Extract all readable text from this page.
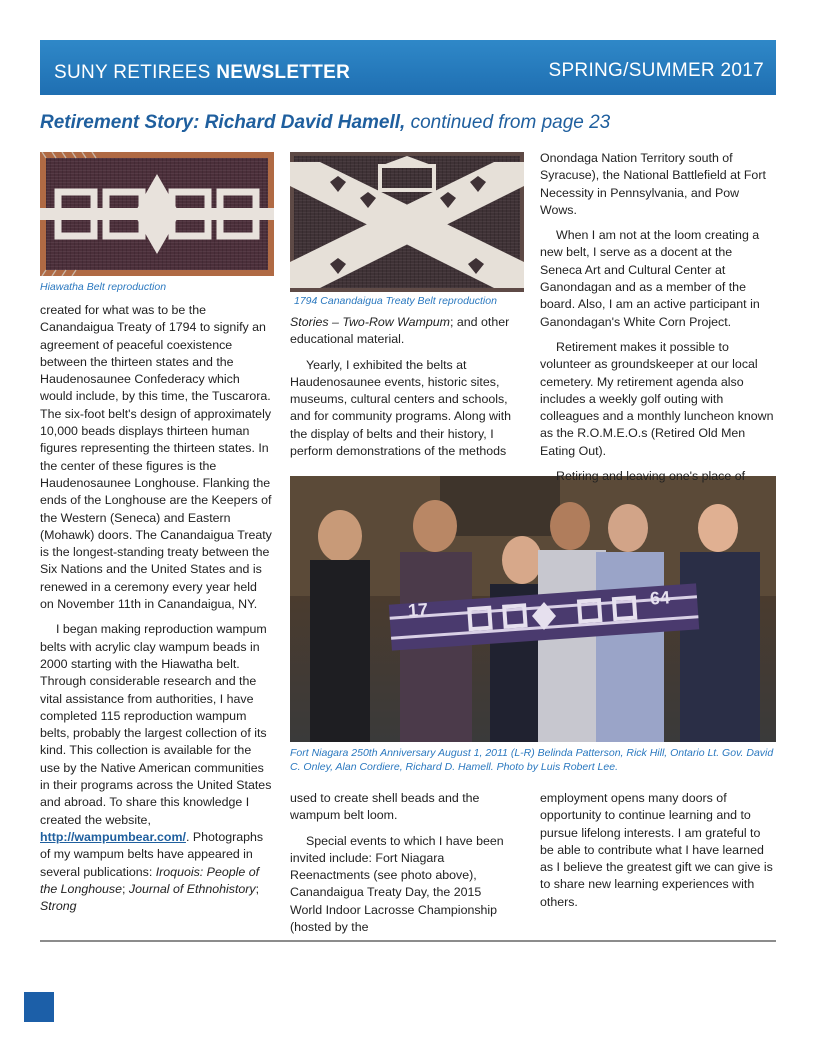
SUNY RETIREES NEWSLETTER	SPRING/SUMMER 2017
Retirement Story: Richard David Hamell, continued from page 23
Hiawatha Belt reproduction
1794 Canandaigua Treaty Belt reproduction
17
64
Fort Niagara 250th Anniversary August 1, 2011 (L-R) Belinda Patterson, Rick Hill, Ontario Lt. Gov. David C. Onley, Alan Cordiere, Richard D. Hamell. Photo by Luis Robert Lee.

created for what was to be the Canandaigua Treaty of 1794 to signify an agreement of peaceful coexistence between the thirteen states and the Haudenosaunee Confederacy which would include, by this time, the Tuscarora. The six-foot belt's design of approximately 10,000 beads displays thirteen human figures representing the thirteen states. In the center of these figures is the Haudenosaunee Longhouse. Flanking the ends of the Longhouse are the Keepers of the Western (Seneca) and Eastern (Mohawk) doors. The Canandaigua Treaty is the longest-standing treaty between the Six Nations and the United States and is renewed in a ceremony every year held on November 11th in Canandaigua, NY.

I began making reproduction wampum belts with acrylic clay wampum beads in 2000 starting with the Hiawatha belt. Through considerable research and the vital assistance from authorities, I have completed 115 reproduction wampum belts, probably the largest collection of its kind. This collection is available for the use by the Native American communities in their programs across the United States and abroad. To share this knowledge I created the website, http://wampumbear.com/. Photographs of my wampum belts have appeared in several publications: Iroquois: People of the Longhouse; Journal of Ethnohistory; Strong

Stories – Two-Row Wampum; and other educational material.

Yearly, I exhibited the belts at Haudenosaunee events, historic sites, museums, cultural centers and schools, and for community programs. Along with the display of belts and their history, I perform demonstrations of the methods

used to create shell beads and the wampum belt loom.

Special events to which I have been invited include: Fort Niagara Reenactments (see photo above), Canandaigua Treaty Day, the 2015 World Indoor Lacrosse Championship (hosted by the

Onondaga Nation Territory south of Syracuse), the National Battlefield at Fort Necessity in Pennsylvania, and Pow Wows.

When I am not at the loom creating a new belt, I serve as a docent at the Seneca Art and Cultural Center at Ganondagan and as a member of the board. Also, I am an active participant in Ganondagan's White Corn Project.

Retirement makes it possible to volunteer as groundskeeper at our local cemetery. My retirement agenda also includes a weekly golf outing with colleagues and a monthly luncheon known as the R.O.M.E.O.s (Retired Old Men Eating Out).

Retiring and leaving one's place of

employment opens many doors of opportunity to continue learning and to pursue lifelong interests. I am grateful to be able to contribute what I have learned as I believe the greatest gift we can give is to share new learning experiences with others.
